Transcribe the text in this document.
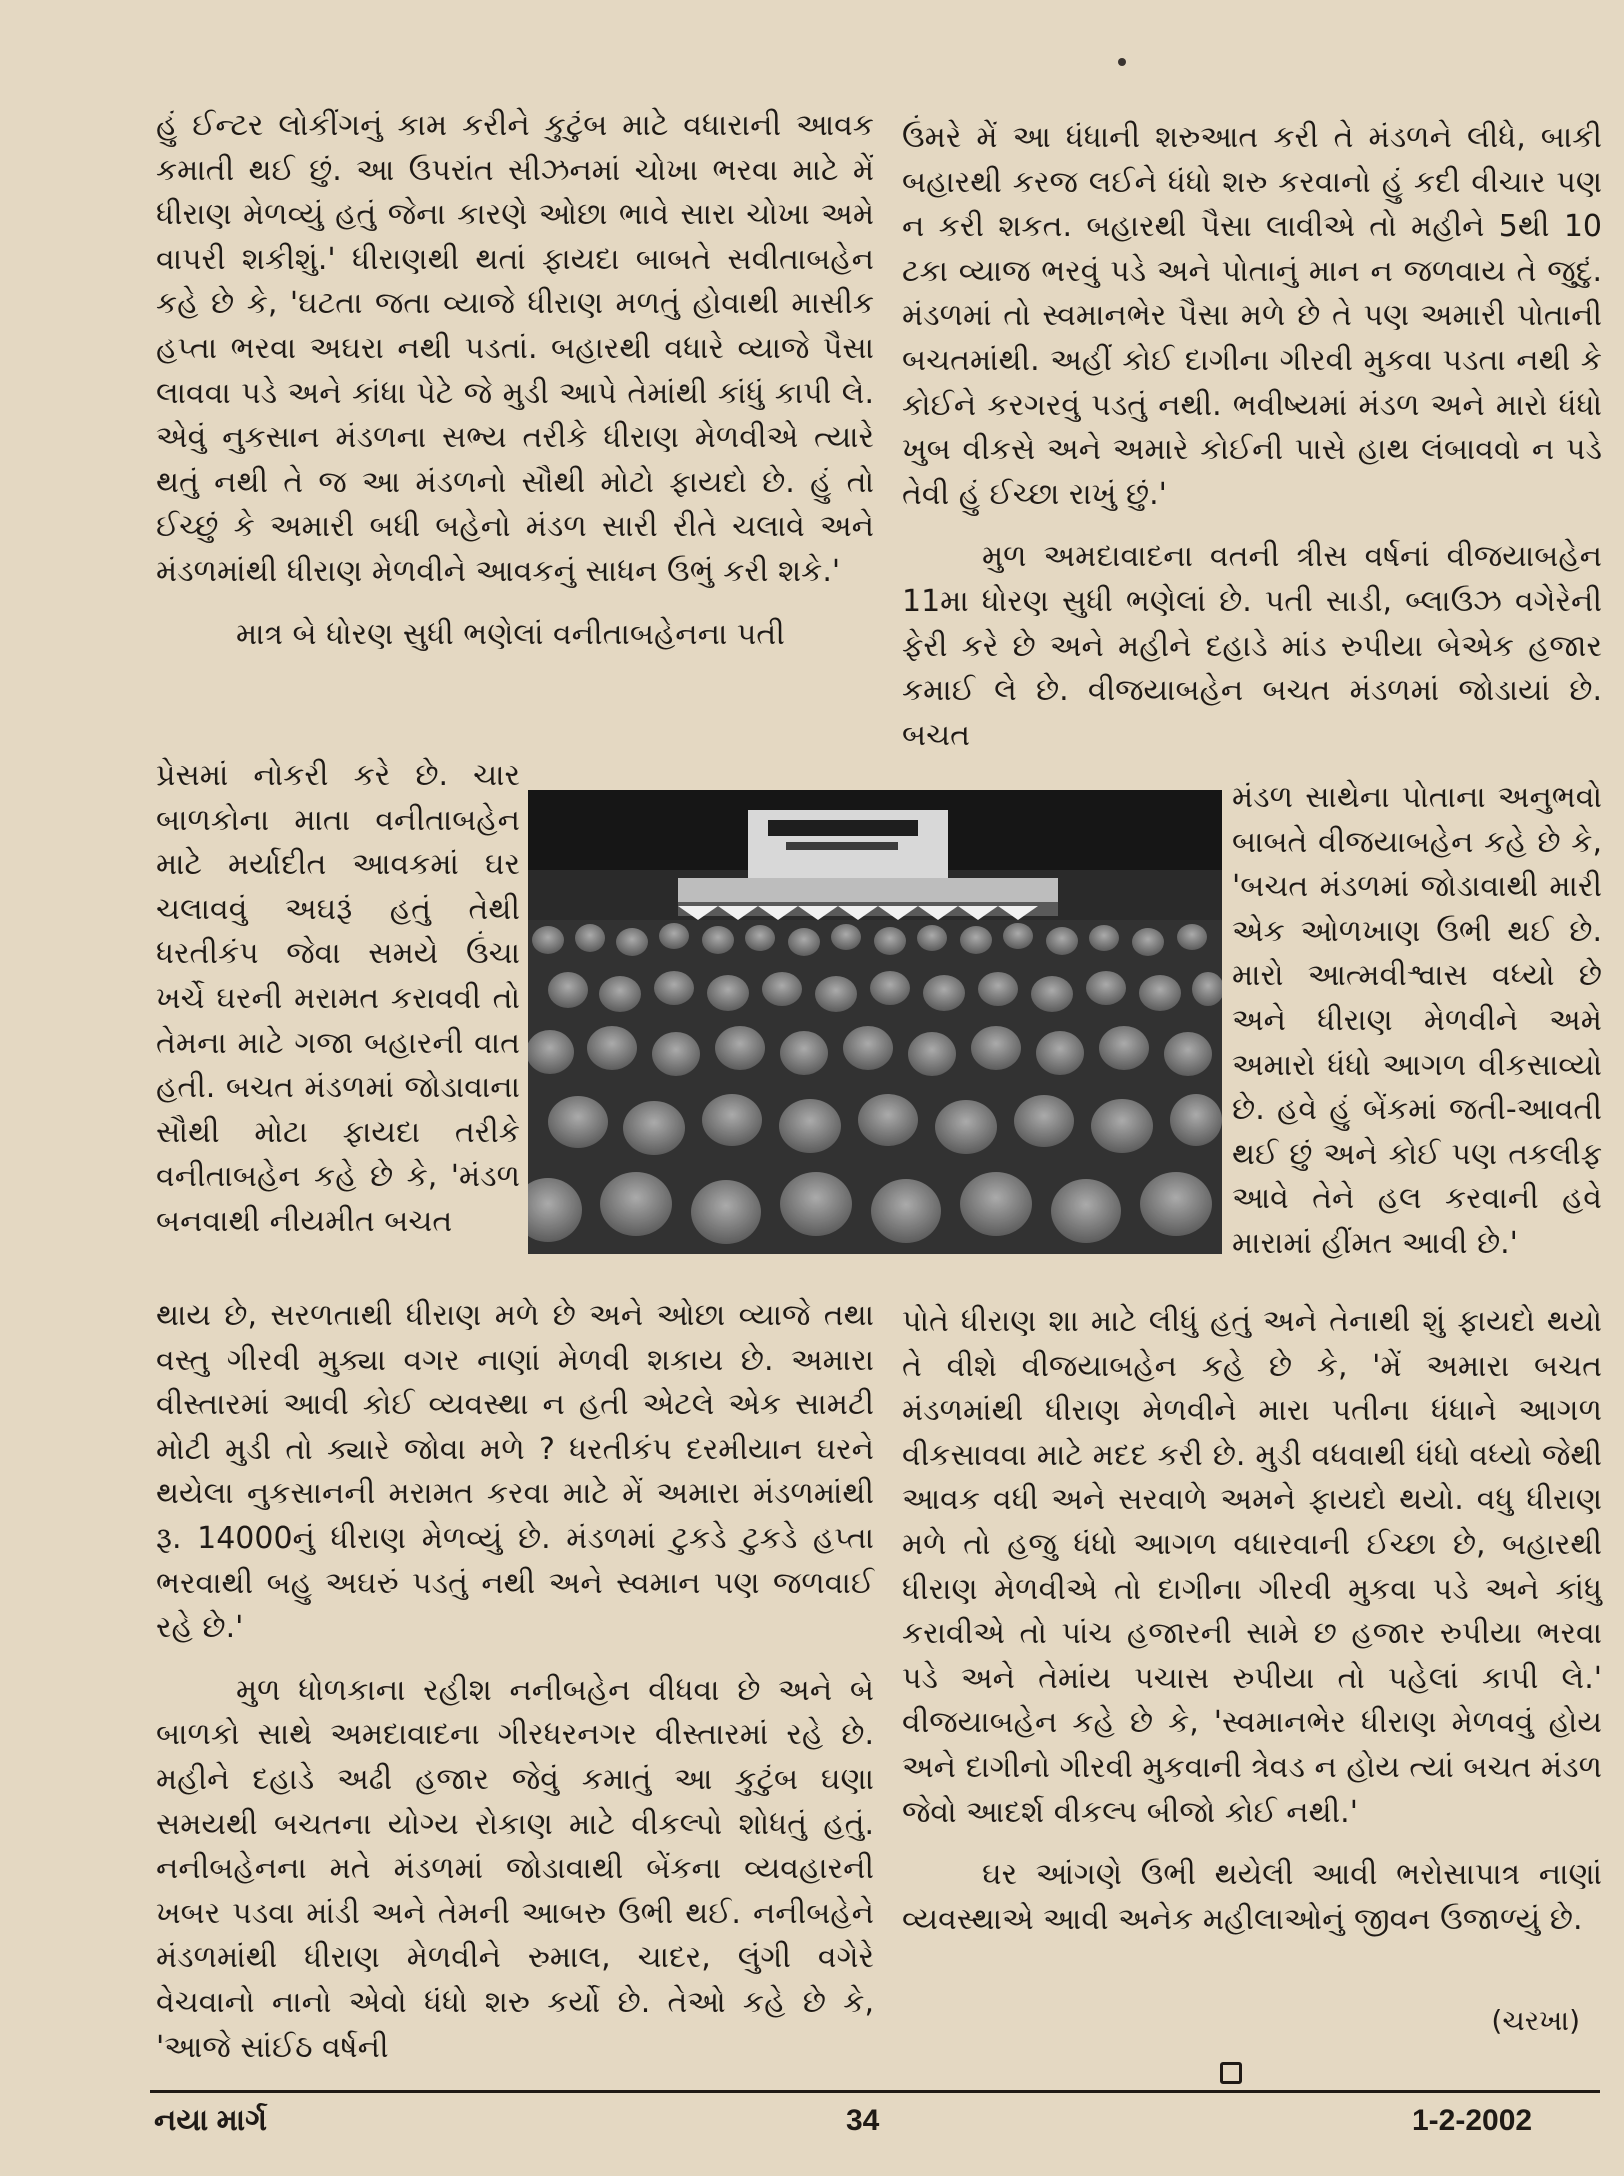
હું ઈન્ટર લોકીંગનું કામ કરીને કુટુંબ માટે વધારાની આવક કમાતી થઈ છું. આ ઉપરાંત સીઝનમાં ચોખા ભરવા માટે મેં ધીરાણ મેળવ્યું હતું જેના કારણે ઓછા ભાવે સારા ચોખા અમે વાપરી શકીશું.' ધીરાણથી થતાં ફાયદા બાબતે સવીતાબહેન કહે છે કે, 'ઘટતા જતા વ્યાજે ધીરાણ મળતું હોવાથી માસીક હપ્તા ભરવા અઘરા નથી પડતાં. બહારથી વધારે વ્યાજે પૈસા લાવવા પડે અને કાંધા પેટે જે મુડી આપે તેમાંથી કાંધું કાપી લે. એવું નુકસાન મંડળના સભ્ય તરીકે ધીરાણ મેળવીએ ત્યારે થતું નથી તે જ આ મંડળનો સૌથી મોટો ફાયદો છે. હું તો ઈચ્છું કે અમારી બધી બહેનો મંડળ સારી રીતે ચલાવે અને મંડળમાંથી ધીરાણ મેળવીને આવકનું સાધન ઉભું કરી શકે.'

માત્ર બે ધોરણ સુધી ભણેલાં વનીતાબહેનના પતી

પ્રેસમાં નોકરી કરે છે. ચાર બાળકોના માતા વનીતાબહેન માટે મર્યાદીત આવકમાં ઘર ચલાવવું અઘરૂં હતું તેથી ધરતીકંપ જેવા સમયે ઉંચા ખર્ચે ઘરની મરામત કરાવવી તો તેમના માટે ગજા બહારની વાત હતી. બચત મંડળમાં જોડાવાના સૌથી મોટા ફાયદા તરીકે વનીતાબહેન કહે છે કે, 'મંડળ બનવાથી નીયમીત બચત

થાય છે, સરળતાથી ધીરાણ મળે છે અને ઓછા વ્યાજે તથા વસ્તુ ગીરવી મુક્યા વગર નાણાં મેળવી શકાય છે. અમારા વીસ્તારમાં આવી કોઈ વ્યવસ્થા ન હતી એટલે એક સામટી મોટી મુડી તો ક્યારે જોવા મળે ? ધરતીકંપ દરમીયાન ઘરને થયેલા નુકસાનની મરામત કરવા માટે મેં અમારા મંડળમાંથી રૂ. 14000નું ધીરાણ મેળવ્યું છે. મંડળમાં ટુકડે ટુકડે હપ્તા ભરવાથી બહુ અઘરું પડતું નથી અને સ્વમાન પણ જળવાઈ રહે છે.'

મુળ ધોળકાના રહીશ નનીબહેન વીધવા છે અને બે બાળકો સાથે અમદાવાદના ગીરધરનગર વીસ્તારમાં રહે છે. મહીને દહાડે અઢી હજાર જેવું કમાતું આ કુટુંબ ઘણા સમયથી બચતના યોગ્ય રોકાણ માટે વીકલ્પો શોધતું હતું. નનીબહેનના મતે મંડળમાં જોડાવાથી બેંકના વ્યવહારની ખબર પડવા માંડી અને તેમની આબરુ ઉભી થઈ. નનીબહેને મંડળમાંથી ધીરાણ મેળવીને રુમાલ, ચાદર, લુંગી વગેરે વેચવાનો નાનો એવો ધંધો શરુ કર્યો છે. તેઓ કહે છે કે, 'આજે સાંઈઠ વર્ષની

ઉંમરે મેં આ ધંધાની શરુઆત કરી તે મંડળને લીધે, બાકી બહારથી કરજ લઈને ધંધો શરુ કરવાનો હું કદી વીચાર પણ ન કરી શકત. બહારથી પૈસા લાવીએ તો મહીને 5થી 10 ટકા વ્યાજ ભરવું પડે અને પોતાનું માન ન જળવાય તે જુદું. મંડળમાં તો સ્વમાનભેર પૈસા મળે છે તે પણ અમારી પોતાની બચતમાંથી. અહીં કોઈ દાગીના ગીરવી મુકવા પડતા નથી કે કોઈને કરગરવું પડતું નથી. ભવીષ્યમાં મંડળ અને મારો ધંધો ખુબ વીકસે અને અમારે કોઈની પાસે હાથ લંબાવવો ન પડે તેવી હું ઈચ્છા રાખું છું.'

મુળ અમદાવાદના વતની ત્રીસ વર્ષનાં વીજયાબહેન 11મા ધોરણ સુધી ભણેલાં છે. પતી સાડી, બ્લાઉઝ વગેરેની ફેરી કરે છે અને મહીને દહાડે માંડ રુપીયા બેએક હજાર કમાઈ લે છે. વીજયાબહેન બચત મંડળમાં જોડાયાં છે. બચત

મંડળ સાથેના પોતાના અનુભવો બાબતે વીજયાબહેન કહે છે કે, 'બચત મંડળમાં જોડાવાથી મારી એક ઓળખાણ ઉભી થઈ છે. મારો આત્મવીશ્વાસ વધ્યો છે અને ધીરાણ મેળવીને અમે અમારો ધંધો આગળ વીકસાવ્યો છે. હવે હું બેંકમાં જતી-આવતી થઈ છું અને કોઈ પણ તકલીફ આવે તેને હલ કરવાની હવે મારામાં હીંમત આવી છે.'

પોતે ધીરાણ શા માટે લીધું હતું અને તેનાથી શું ફાયદો થયો તે વીશે વીજયાબહેન કહે છે કે, 'મેં અમારા બચત મંડળમાંથી ધીરાણ મેળવીને મારા પતીના ધંધાને આગળ વીકસાવવા માટે મદદ કરી છે. મુડી વધવાથી ધંધો વધ્યો જેથી આવક વધી અને સરવાળે અમને ફાયદો થયો. વધુ ધીરાણ મળે તો હજુ ધંધો આગળ વધારવાની ઈચ્છા છે, બહારથી ધીરાણ મેળવીએ તો દાગીના ગીરવી મુકવા પડે અને કાંધુ કરાવીએ તો પાંચ હજારની સામે છ હજાર રુપીયા ભરવા પડે અને તેમાંય પચાસ રુપીયા તો પહેલાં કાપી લે.' વીજયાબહેન કહે છે કે, 'સ્વમાનભેર ધીરાણ મેળવવું હોય અને દાગીનો ગીરવી મુકવાની ત્રેવડ ન હોય ત્યાં બચત મંડળ જેવો આદર્શ વીકલ્પ બીજો કોઈ નથી.'

ઘર આંગણે ઉભી થયેલી આવી ભરોસાપાત્ર નાણાં વ્યવસ્થાએ આવી અનેક મહીલાઓનું જીવન ઉજાળ્યું છે.

(ચરખા)
નયા માર્ગ	34	1-2-2002
